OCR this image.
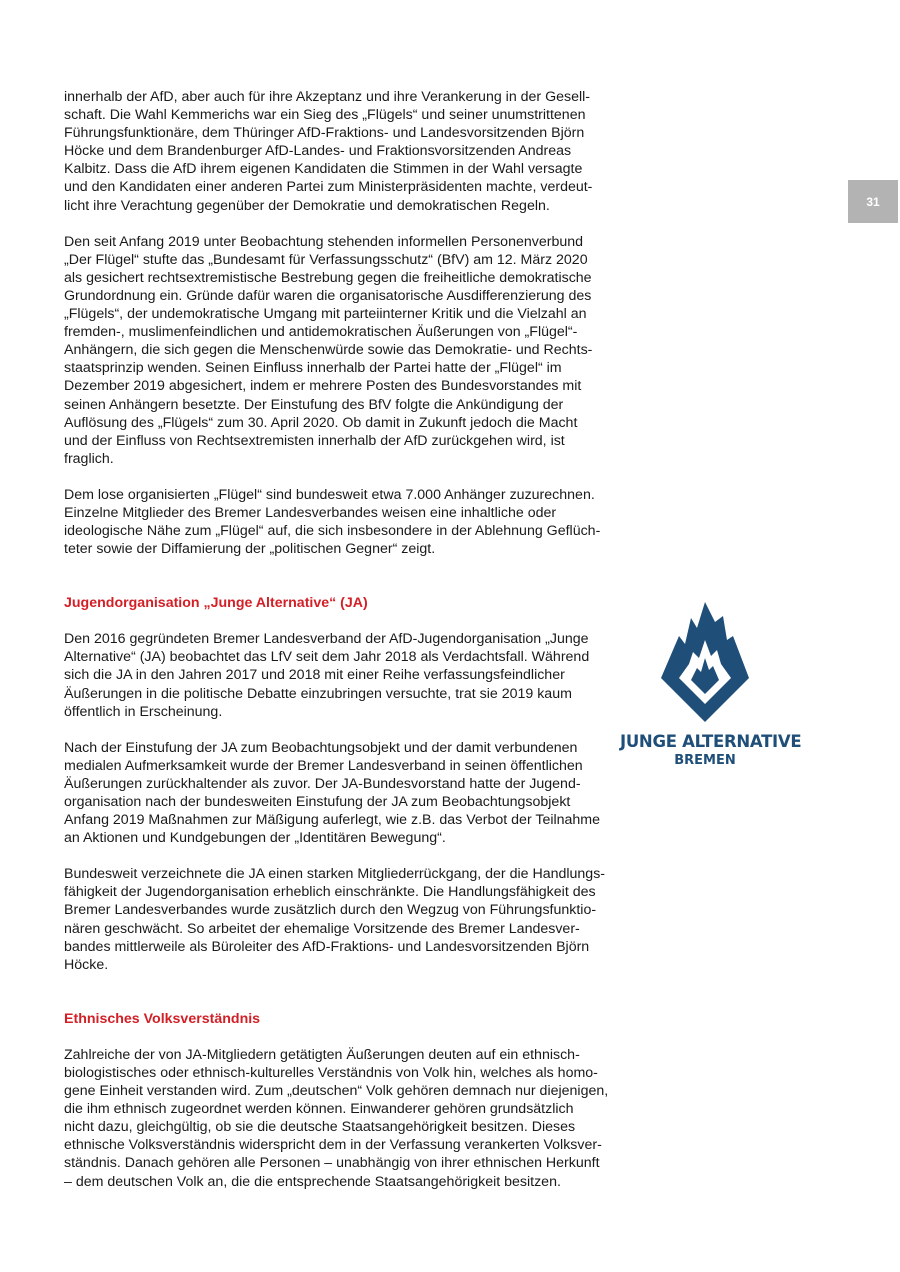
31

innerhalb der AfD, aber auch für ihre Akzeptanz und ihre Verankerung in der Gesell-
schaft. Die Wahl Kemmerichs war ein Sieg des „Flügels“ und seiner unumstrittenen
Führungsfunktionäre, dem Thüringer AfD-Fraktions- und Landesvorsitzenden Björn
Höcke und dem Brandenburger AfD-Landes- und Fraktionsvorsitzenden Andreas
Kalbitz. Dass die AfD ihrem eigenen Kandidaten die Stimmen in der Wahl versagte
und den Kandidaten einer anderen Partei zum Ministerpräsidenten machte, verdeut-
licht ihre Verachtung gegenüber der Demokratie und demokratischen Regeln.

Den seit Anfang 2019 unter Beobachtung stehenden informellen Personenverbund
„Der Flügel“ stufte das „Bundesamt für Verfassungsschutz“ (BfV) am 12. März 2020
als gesichert rechtsextremistische Bestrebung gegen die freiheitliche demokratische
Grundordnung ein. Gründe dafür waren die organisatorische Ausdifferenzierung des
„Flügels“, der undemokratische Umgang mit parteiinterner Kritik und die Vielzahl an
fremden-, muslimenfeindlichen und antidemokratischen Äußerungen von „Flügel“-
Anhängern, die sich gegen die Menschenwürde sowie das Demokratie- und Rechts-
staatsprinzip wenden. Seinen Einfluss innerhalb der Partei hatte der „Flügel“ im
Dezember 2019 abgesichert, indem er mehrere Posten des Bundesvorstandes mit
seinen Anhängern besetzte. Der Einstufung des BfV folgte die Ankündigung der
Auflösung des „Flügels“ zum 30. April 2020. Ob damit in Zukunft jedoch die Macht
und der Einfluss von Rechtsextremisten innerhalb der AfD zurückgehen wird, ist
fraglich.

Dem lose organisierten „Flügel“ sind bundesweit etwa 7.000 Anhänger zuzurechnen.
Einzelne Mitglieder des Bremer Landesverbandes weisen eine inhaltliche oder
ideologische Nähe zum „Flügel“ auf, die sich insbesondere in der Ablehnung Geflüch-
teter sowie der Diffamierung der „politischen Gegner“ zeigt.

Jugendorganisation „Junge Alternative“ (JA)

Den 2016 gegründeten Bremer Landesverband der AfD-Jugendorganisation „Junge
Alternative“ (JA) beobachtet das LfV seit dem Jahr 2018 als Verdachtsfall. Während
sich die JA in den Jahren 2017 und 2018 mit einer Reihe verfassungsfeindlicher
Äußerungen in die politische Debatte einzubringen versuchte, trat sie 2019 kaum
öffentlich in Erscheinung.

Nach der Einstufung der JA zum Beobachtungsobjekt und der damit verbundenen
medialen Aufmerksamkeit wurde der Bremer Landesverband in seinen öffentlichen
Äußerungen zurückhaltender als zuvor. Der JA-Bundesvorstand hatte der Jugend-
organisation nach der bundesweiten Einstufung der JA zum Beobachtungsobjekt
Anfang 2019 Maßnahmen zur Mäßigung auferlegt, wie z.B. das Verbot der Teilnahme
an Aktionen und Kundgebungen der „Identitären Bewegung“.

Bundesweit verzeichnete die JA einen starken Mitgliederrückgang, der die Handlungs-
fähigkeit der Jugendorganisation erheblich einschränkte. Die Handlungsfähigkeit des
Bremer Landesverbandes wurde zusätzlich durch den Wegzug von Führungsfunktio-
nären geschwächt. So arbeitet der ehemalige Vorsitzende des Bremer Landesver-
bandes mittlerweile als Büroleiter des AfD-Fraktions- und Landesvorsitzenden Björn
Höcke.

Ethnisches Volksverständnis

Zahlreiche der von JA-Mitgliedern getätigten Äußerungen deuten auf ein ethnisch-
biologistisches oder ethnisch-kulturelles Verständnis von Volk hin, welches als homo-
gene Einheit verstanden wird. Zum „deutschen“ Volk gehören demnach nur diejenigen,
die ihm ethnisch zugeordnet werden können. Einwanderer gehören grundsätzlich
nicht dazu, gleichgültig, ob sie die deutsche Staatsangehörigkeit besitzen. Dieses
ethnische Volksverständnis widerspricht dem in der Verfassung verankerten Volksver-
ständnis. Danach gehören alle Personen – unabhängig von ihrer ethnischen Herkunft
– dem deutschen Volk an, die die entsprechende Staatsangehörigkeit besitzen.

JUNGE ALTERNATIVE
BREMEN
